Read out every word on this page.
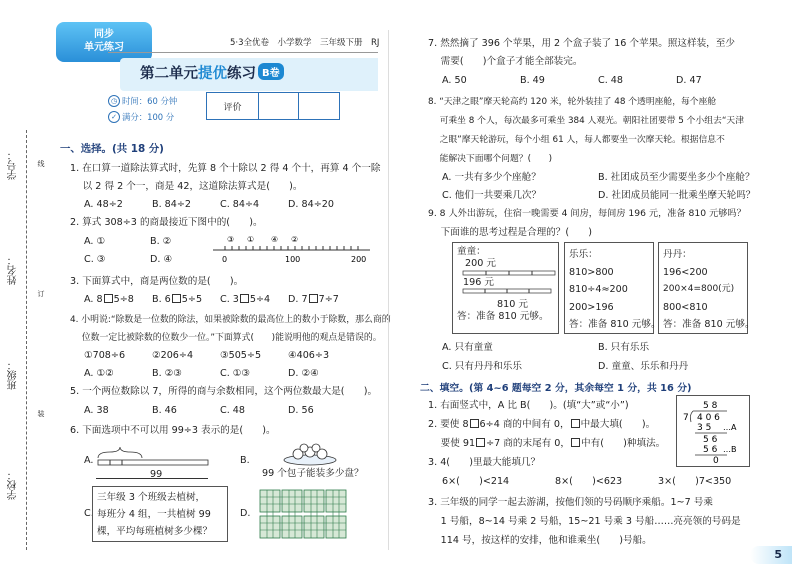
学号：
姓名：
班级：
学校：
线
订
装
同步
单元练习	5·3全优卷　小学数学　三年级下册　RJ
第二单元提优练习 B卷
◷ 时间：60 分钟
✓ 满分：100 分
评价
一、选择。(共 18 分)
1. 在口算一道除法算式时，先算 8 个十除以 2 得 4 个十，再算 4 个一除
　 以 2 得 2 个一，商是 42，这道除法算式是(　　)。
A. 48÷2	B. 84÷2	C. 84÷4	D. 84÷20
2. 算式 308÷3 的商最接近下图中的(　　)。
A. ①	B. ②
C. ③	D. ④
③ ① ④ ②
0	100	200
3. 下面算式中，商是两位数的是(　　)。
A. 8 5÷8 B. 6 5÷5 C. 3 5÷4 D. 7 7÷7
4. 小明说:“除数是一位数的除法，如果被除数的最高位上的数小于除数，那么商的
　 位数一定比被除数的位数少一位。”下面算式(　　)能说明他的观点是错误的。
①708÷6	②206÷4	③505÷5	④406÷3
A. ①②	B. ②③	C. ①③	D. ②④
5. 一个两位数除以 7，所得的商与余数相同，这个两位数最大是(　　)。
A. 38	B. 46	C. 48	D. 56
6. 下面选项中不可以用 99÷3 表示的是(　　)。
A.
99
B.
99 个包子能装多少盘？
C.
三年级 3 个班级去植树，
每班分 4 组，一共植树 99
棵，平均每班植树多少棵？
D.
7. 然然摘了 396 个苹果，用 2 个盒子装了 16 个苹果。照这样装，至少
　 需要(　　)个盒子才能全部装完。
A. 50	B. 49	C. 48	D. 47
8. “天津之眼”摩天轮高约 120 米，轮外装挂了 48 个透明座舱，每个座舱
　 可乘坐 8 个人，每次最多可乘坐 384 人观光。朝阳社团要带 5 个小组去“天津
　 之眼”摩天轮游玩，每个小组 61 人，每人都要坐一次摩天轮。根据信息不
　 能解决下面哪个问题？(　　)
A. 一共有多少个座舱？	B. 社团成员至少需要坐多少个座舱？
C. 他们一共要乘几次？	D. 社团成员能同一批乘坐摩天轮吗？
9. 8 人外出游玩，住宿一晚需要 4 间房，每间房 196 元，准备 810 元够吗？
　 下面谁的思考过程是合理的？(　　)
童童：
200 元
196 元
810 元
答：准备 810 元够。
乐乐：
810>800
810÷4≈200
200>196
答：准备 810 元够。
丹丹：
196<200
200×4=800(元)
800<810
答：准备 810 元够。
A. 只有童童	B. 只有乐乐
C. 只有丹丹和乐乐	D. 童童、乐乐和丹丹
二、填空。(第 4~6 题每空 2 分，其余每空 1 分，共 16 分)
1. 右面竖式中，A 比 B(　　)。(填“大”或“小”)
2. 要使 8 6÷4 商的中间有 0， 中最大填(　　)。
　 要使 91 ÷7 商的末尾有 0， 中有(　　)种填法。
3. 4(　　)里最大能填几？
6×(　　)<214	8×(　　)<623	3×(　　)7<350
5 8
7 4 0 6
3 5 …A
5 6
5 6
0
…B
3. 三年级的同学一起去游湖，按他们领的号码顺序乘船。1~7 号乘
　 1 号船，8~14 号乘 2 号船，15~21 号乘 3 号船……亮亮领的号码是
　 114 号，按这样的安排，他和谁乘坐(　　)号船。
5
